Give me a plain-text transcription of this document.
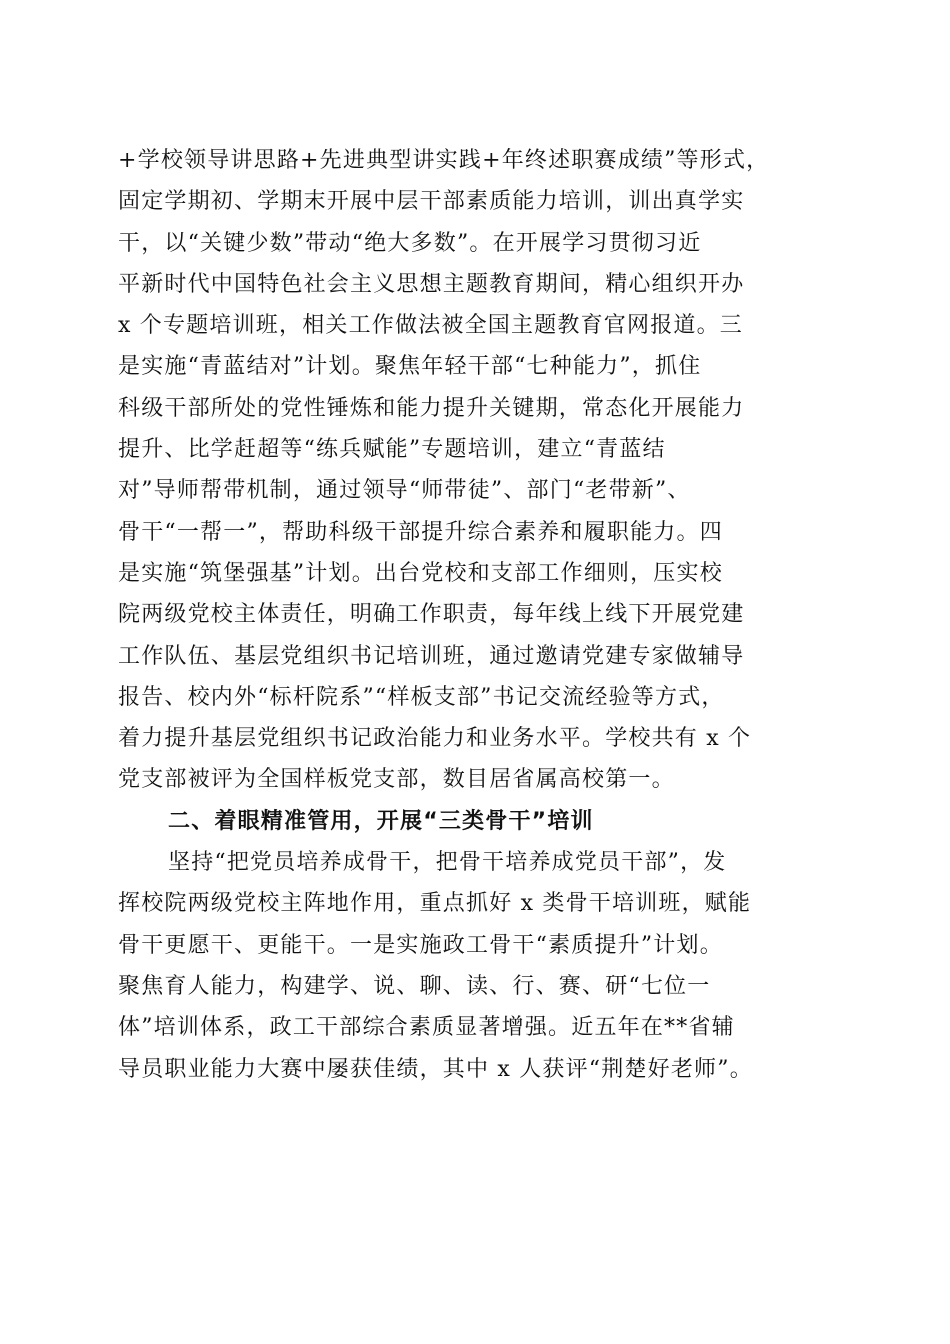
+学校领导讲思路+先进典型讲实践+年终述职赛成绩”等形式，
固定学期初、学期末开展中层干部素质能力培训，训出真学实
干，以“关键少数”带动“绝大多数”。在开展学习贯彻习近
平新时代中国特色社会主义思想主题教育期间，精心组织开办
x 个专题培训班，相关工作做法被全国主题教育官网报道。三
是实施“青蓝结对”计划。聚焦年轻干部“七种能力”，抓住
科级干部所处的党性锤炼和能力提升关键期，常态化开展能力
提升、比学赶超等“练兵赋能”专题培训，建立“青蓝结
对”导师帮带机制，通过领导“师带徒”、部门“老带新”、
骨干“一帮一”，帮助科级干部提升综合素养和履职能力。四
是实施“筑堡强基”计划。出台党校和支部工作细则，压实校
院两级党校主体责任，明确工作职责，每年线上线下开展党建
工作队伍、基层党组织书记培训班，通过邀请党建专家做辅导
报告、校内外“标杆院系”“样板支部”书记交流经验等方式，
着力提升基层党组织书记政治能力和业务水平。学校共有 x 个
党支部被评为全国样板党支部，数目居省属高校第一。
二、着眼精准管用，开展“三类骨干”培训
坚持“把党员培养成骨干，把骨干培养成党员干部”，发
挥校院两级党校主阵地作用，重点抓好 x 类骨干培训班，赋能
骨干更愿干、更能干。一是实施政工骨干“素质提升”计划。
聚焦育人能力，构建学、说、聊、读、行、赛、研“七位一
体”培训体系，政工干部综合素质显著增强。近五年在**省辅
导员职业能力大赛中屡获佳绩，其中 x 人获评“荆楚好老师”。
